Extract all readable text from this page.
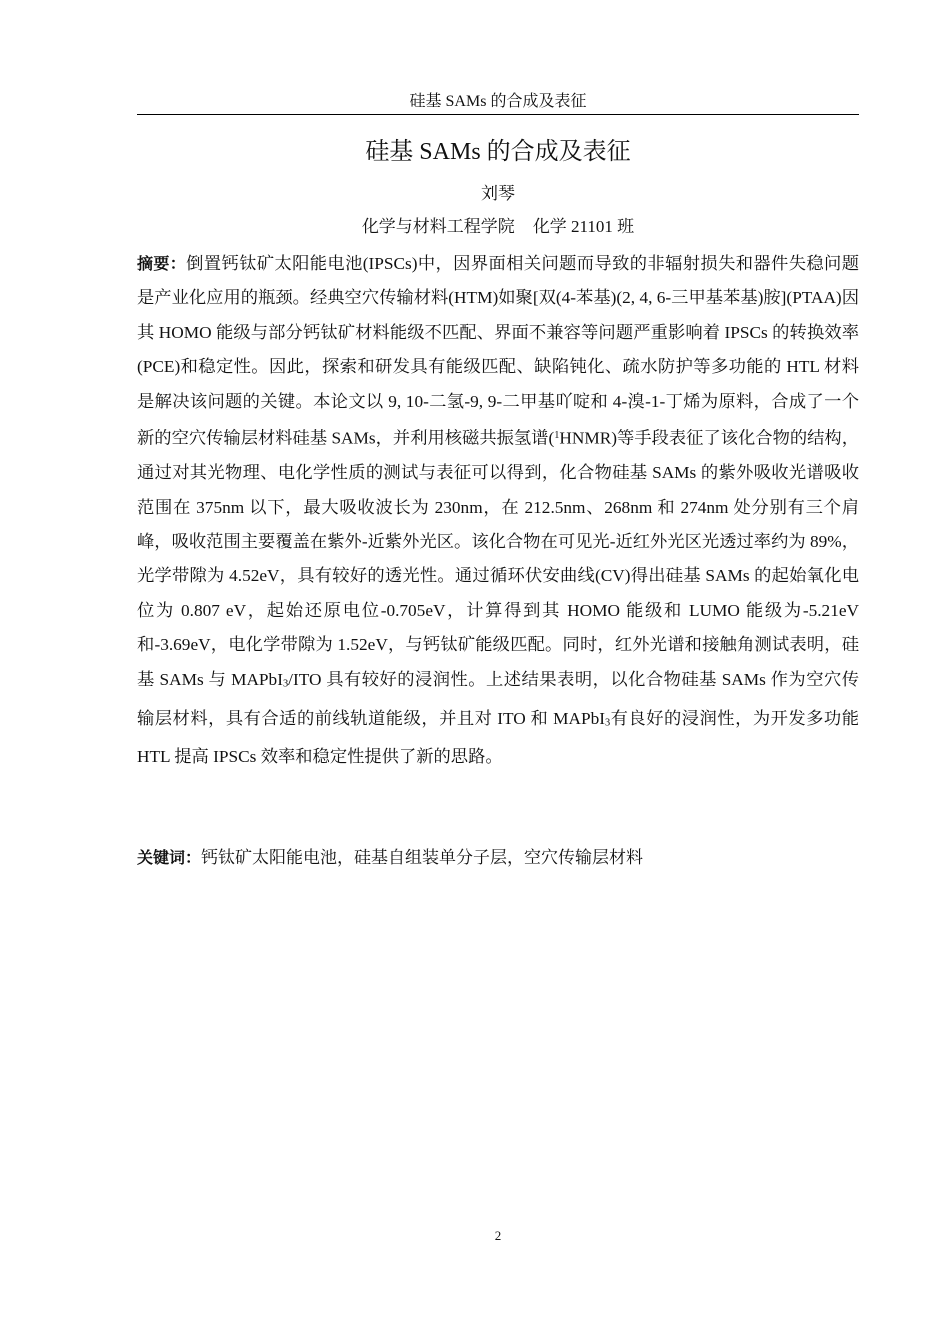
硅基 SAMs 的合成及表征
硅基 SAMs 的合成及表征
刘琴
化学与材料工程学院 化学 21101 班
摘要：倒置钙钛矿太阳能电池(IPSCs)中，因界面相关问题而导致的非辐射损失和器件失稳问题是产业化应用的瓶颈。经典空穴传输材料(HTM)如聚[双(4-苯基)(2, 4, 6-三甲基苯基)胺](PTAA)因其 HOMO 能级与部分钙钛矿材料能级不匹配、界面不兼容等问题严重影响着 IPSCs 的转换效率(PCE)和稳定性。因此，探索和研发具有能级匹配、缺陷钝化、疏水防护等多功能的 HTL 材料是解决该问题的关键。本论文以 9, 10-二氢-9, 9-二甲基吖啶和 4-溴-1-丁烯为原料，合成了一个新的空穴传输层材料硅基 SAMs，并利用核磁共振氢谱($^1$HNMR)等手段表征了该化合物的结构，通过对其光物理、电化学性质的测试与表征可以得到，化合物硅基 SAMs 的紫外吸收光谱吸收范围在 375nm 以下，最大吸收波长为 230nm，在 212.5nm、268nm 和 274nm 处分别有三个肩峰，吸收范围主要覆盖在紫外-近紫外光区。该化合物在可见光-近红外光区光透过率约为 89%，光学带隙为 4.52eV，具有较好的透光性。通过循环伏安曲线(CV)得出硅基 SAMs 的起始氧化电位为 0.807 eV，起始还原电位-0.705eV，计算得到其 HOMO 能级和 LUMO 能级为-5.21eV 和-3.69eV，电化学带隙为 1.52eV，与钙钛矿能级匹配。同时，红外光谱和接触角测试表明，硅基 SAMs 与 MAPbI$_3$/ITO 具有较好的浸润性。上述结果表明，以化合物硅基 SAMs 作为空穴传输层材料，具有合适的前线轨道能级，并且对 ITO 和 MAPbI$_3$有良好的浸润性，为开发多功能 HTL 提高 IPSCs 效率和稳定性提供了新的思路。
关键词：钙钛矿太阳能电池，硅基自组装单分子层，空穴传输层材料
2
